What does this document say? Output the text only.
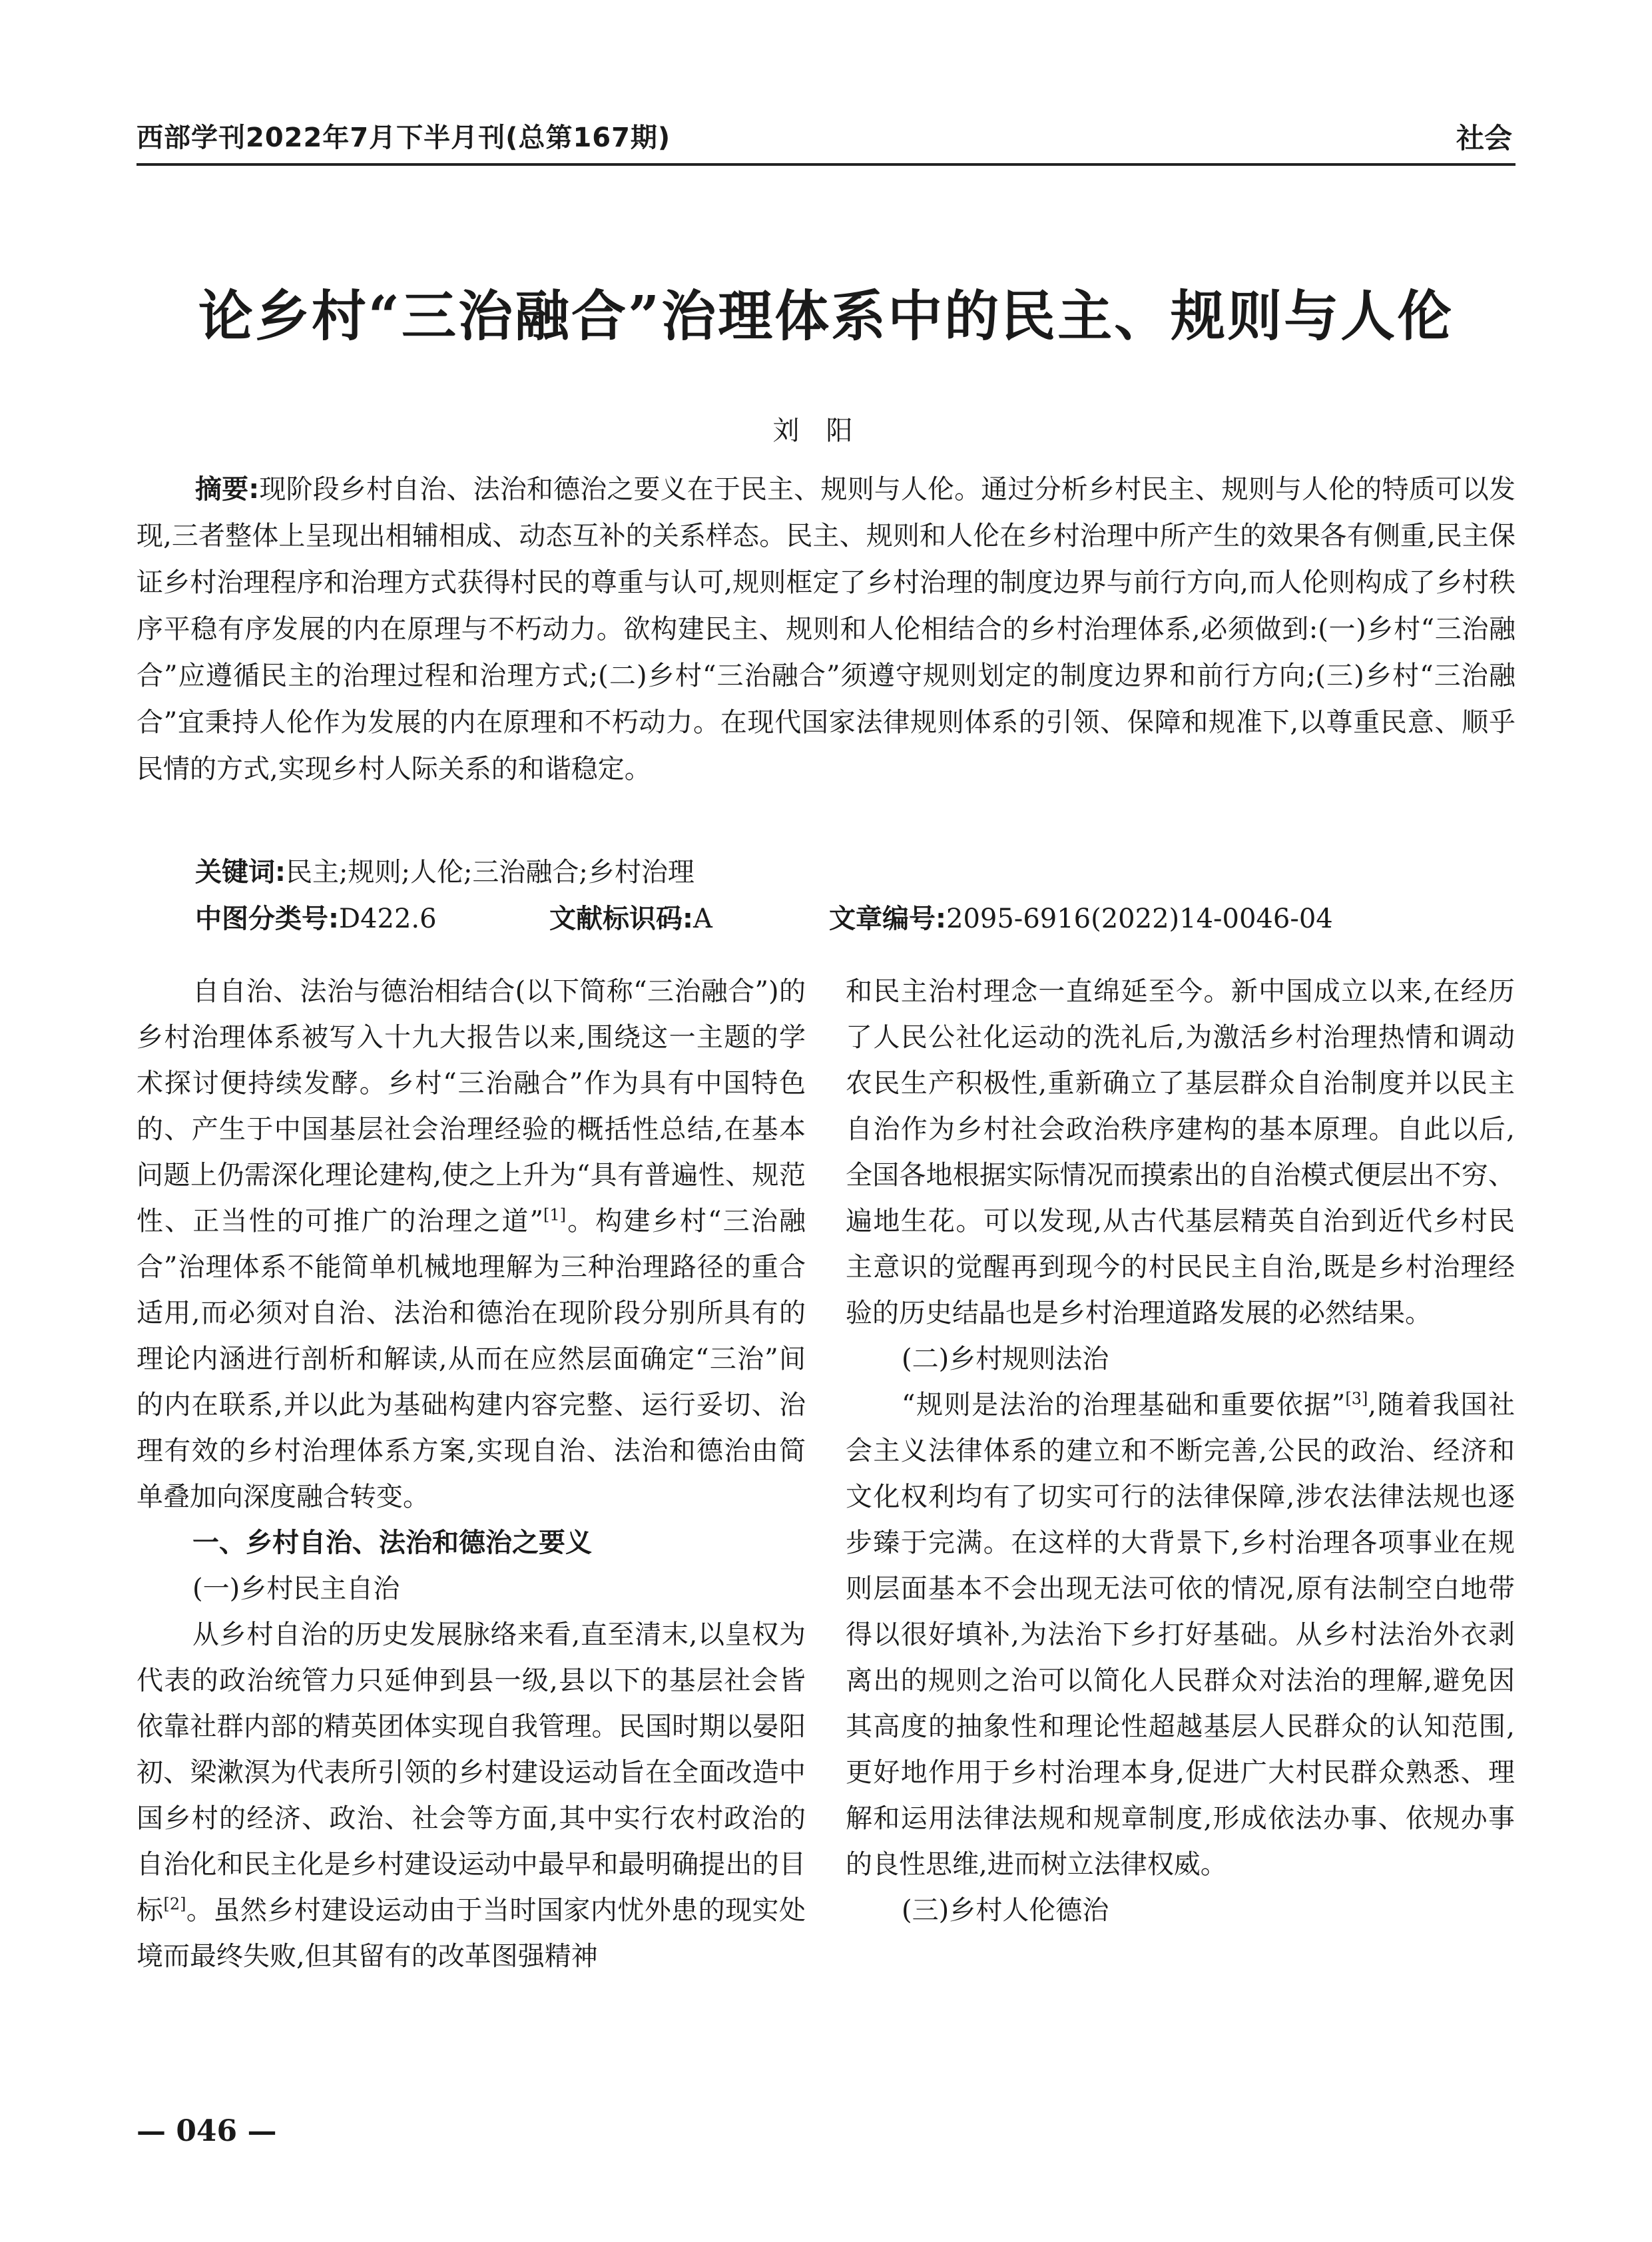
西部学刊2022年7月下半月刊(总第167期)	社会
论乡村“三治融合”治理体系中的民主、规则与人伦
刘阳
摘要:现阶段乡村自治、法治和德治之要义在于民主、规则与人伦。通过分析乡村民主、规则与人伦的特质可以发现,三者整体上呈现出相辅相成、动态互补的关系样态。民主、规则和人伦在乡村治理中所产生的效果各有侧重,民主保证乡村治理程序和治理方式获得村民的尊重与认可,规则框定了乡村治理的制度边界与前行方向,而人伦则构成了乡村秩序平稳有序发展的内在原理与不朽动力。欲构建民主、规则和人伦相结合的乡村治理体系,必须做到:(一)乡村“三治融合”应遵循民主的治理过程和治理方式;(二)乡村“三治融合”须遵守规则划定的制度边界和前行方向;(三)乡村“三治融合”宜秉持人伦作为发展的内在原理和不朽动力。在现代国家法律规则体系的引领、保障和规准下,以尊重民意、顺乎民情的方式,实现乡村人际关系的和谐稳定。
关键词:民主;规则;人伦;三治融合;乡村治理
中图分类号:D422.6	文献标识码:A	文章编号:2095-6916(2022)14-0046-04

自自治、法治与德治相结合(以下简称“三治融合”)的乡村治理体系被写入十九大报告以来,围绕这一主题的学术探讨便持续发酵。乡村“三治融合”作为具有中国特色的、产生于中国基层社会治理经验的概括性总结,在基本问题上仍需深化理论建构,使之上升为“具有普遍性、规范性、正当性的可推广的治理之道”[1]。构建乡村“三治融合”治理体系不能简单机械地理解为三种治理路径的重合适用,而必须对自治、法治和德治在现阶段分别所具有的理论内涵进行剖析和解读,从而在应然层面确定“三治”间的内在联系,并以此为基础构建内容完整、运行妥切、治理有效的乡村治理体系方案,实现自治、法治和德治由简单叠加向深度融合转变。

一、乡村自治、法治和德治之要义
(一)乡村民主自治

从乡村自治的历史发展脉络来看,直至清末,以皇权为代表的政治统管力只延伸到县一级,县以下的基层社会皆依靠社群内部的精英团体实现自我管理。民国时期以晏阳初、梁漱溟为代表所引领的乡村建设运动旨在全面改造中国乡村的经济、政治、社会等方面,其中实行农村政治的自治化和民主化是乡村建设运动中最早和最明确提出的目标[2]。虽然乡村建设运动由于当时国家内忧外患的现实处境而最终失败,但其留有的改革图强精神

和民主治村理念一直绵延至今。新中国成立以来,在经历了人民公社化运动的洗礼后,为激活乡村治理热情和调动农民生产积极性,重新确立了基层群众自治制度并以民主自治作为乡村社会政治秩序建构的基本原理。自此以后,全国各地根据实际情况而摸索出的自治模式便层出不穷、遍地生花。可以发现,从古代基层精英自治到近代乡村民主意识的觉醒再到现今的村民民主自治,既是乡村治理经验的历史结晶也是乡村治理道路发展的必然结果。

(二)乡村规则法治

“规则是法治的治理基础和重要依据”[3],随着我国社会主义法律体系的建立和不断完善,公民的政治、经济和文化权利均有了切实可行的法律保障,涉农法律法规也逐步臻于完满。在这样的大背景下,乡村治理各项事业在规则层面基本不会出现无法可依的情况,原有法制空白地带得以很好填补,为法治下乡打好基础。从乡村法治外衣剥离出的规则之治可以简化人民群众对法治的理解,避免因其高度的抽象性和理论性超越基层人民群众的认知范围,更好地作用于乡村治理本身,促进广大村民群众熟悉、理解和运用法律法规和规章制度,形成依法办事、依规办事的良性思维,进而树立法律权威。

(三)乡村人伦德治
— 046 —
